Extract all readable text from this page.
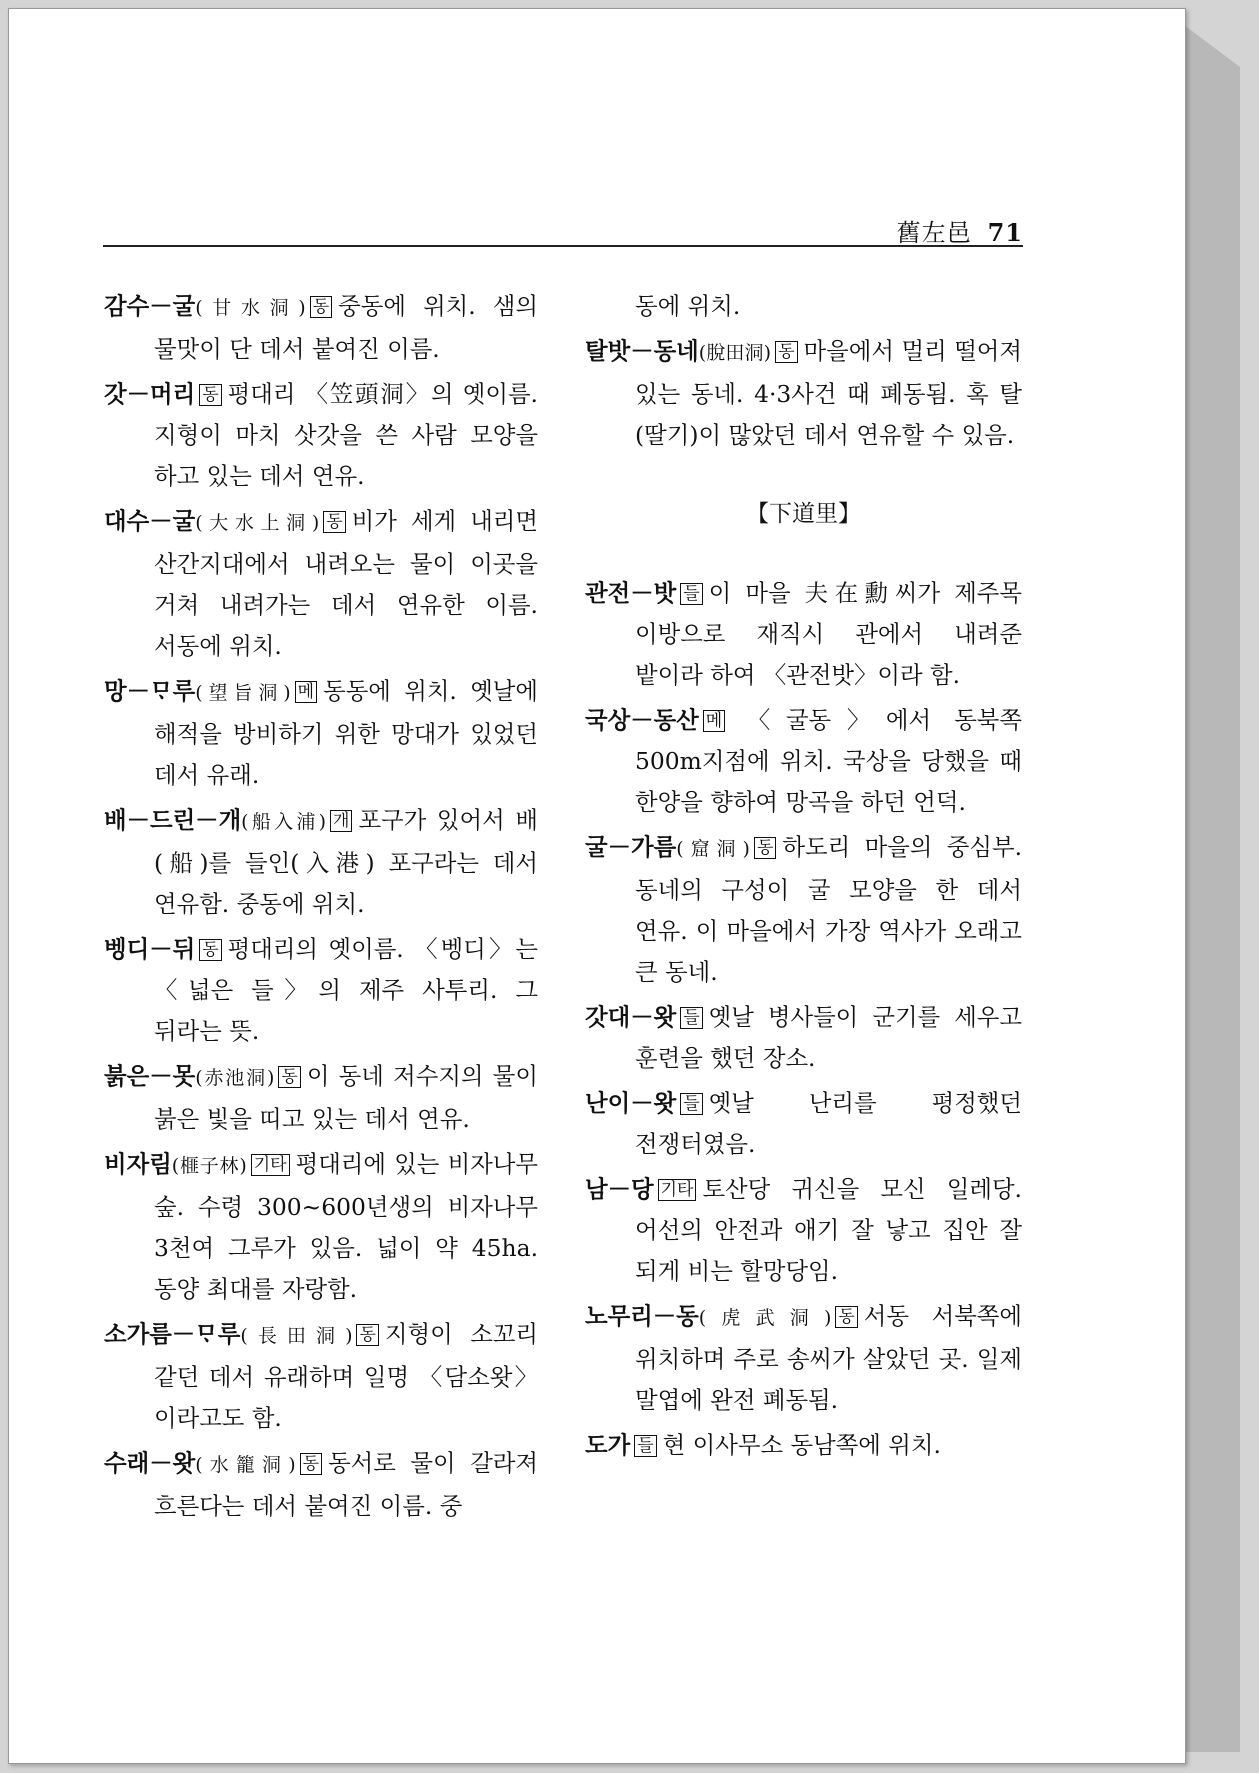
舊左邑 71
감수－굴(甘水洞) 동 중동에 위치. 샘의 물맛이 단 데서 붙여진 이름.
갓－머리 동 평대리 〈笠頭洞〉의 옛이름. 지형이 마치 삿갓을 쓴 사람 모양을 하고 있는 데서 연유.
대수－굴(大水上洞) 동 비가 세게 내리면 산간지대에서 내려오는 물이 이곳을 거쳐 내려가는 데서 연유한 이름. 서동에 위치.
망－ᄆᆞ루(望旨洞) 메 동동에 위치. 옛날에 해적을 방비하기 위한 망대가 있었던 데서 유래.
배－드린－개(船入浦) 개 포구가 있어서 배(船)를 들인(入港) 포구라는 데서 연유함. 중동에 위치.
벵디－뒤 동 평대리의 옛이름. 〈벵디〉는 〈넓은 들〉의 제주 사투리. 그 뒤라는 뜻.
붉은－못(赤池洞) 동 이 동네 저수지의 물이 붉은 빛을 띠고 있는 데서 연유.
비자림(榧子林) 기타 평대리에 있는 비자나무 숲. 수령 300~600년생의 비자나무 3천여 그루가 있음. 넓이 약 45ha. 동양 최대를 자랑함.
소가름－ᄆᆞ루(長田洞) 동 지형이 소꼬리 같던 데서 유래하며 일명 〈담소왓〉이라고도 함.
수래－왓(水籠洞) 동 동서로 물이 갈라져 흐른다는 데서 붙여진 이름. 중
동에 위치.
탈밧－동네(脫田洞) 동 마을에서 멀리 떨어져 있는 동네. 4·3사건 때 폐동됨. 혹 탈(딸기)이 많았던 데서 연유할 수 있음.
【下道里】
관전－밧 들 이 마을 夫在勳씨가 제주목 이방으로 재직시 관에서 내려준 밭이라 하여 〈관전밧〉이라 함.
국상－동산 메 〈굴동〉에서 동북쪽 500m지점에 위치. 국상을 당했을 때 한양을 향하여 망곡을 하던 언덕.
굴－가름(窟洞) 동 하도리 마을의 중심부. 동네의 구성이 굴 모양을 한 데서 연유. 이 마을에서 가장 역사가 오래고 큰 동네.
갓대－왓 들 옛날 병사들이 군기를 세우고 훈련을 했던 장소.
난이－왓 들 옛날 난리를 평정했던 전쟁터였음.
남－당 기타 토산당 귀신을 모신 일레당. 어선의 안전과 애기 잘 낳고 집안 잘 되게 비는 할망당임.
노무리－동(虎武洞) 동 서동 서북쪽에 위치하며 주로 송씨가 살았던 곳. 일제 말엽에 완전 폐동됨.
도가 들 현 이사무소 동남쪽에 위치.
